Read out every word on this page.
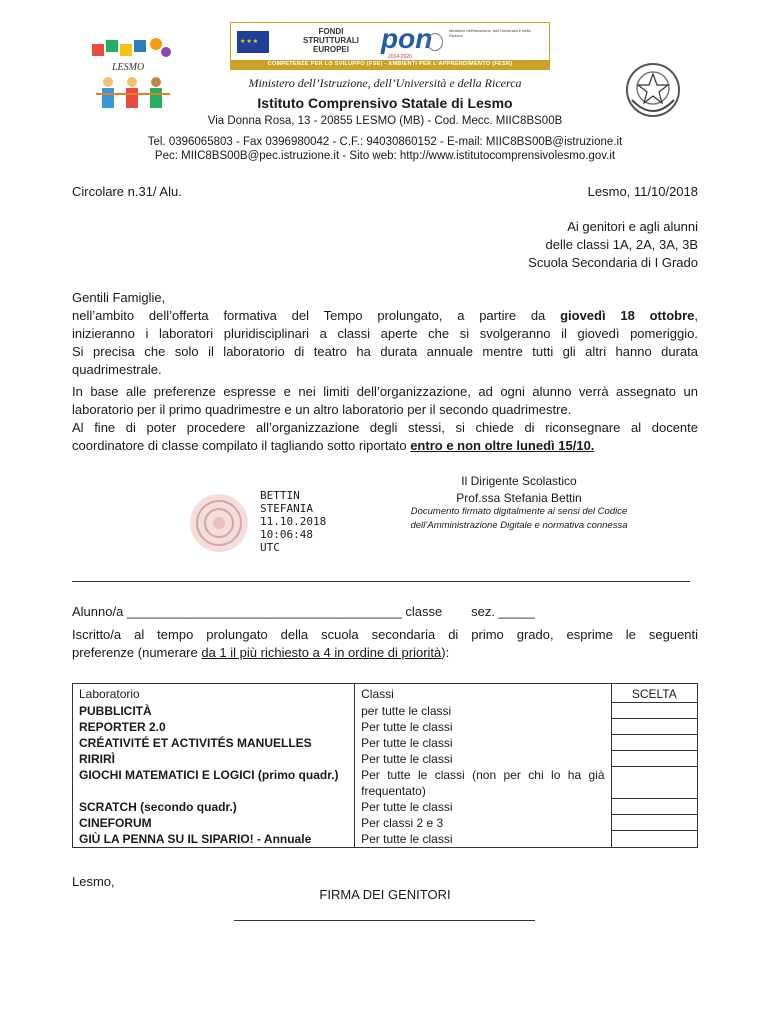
★★★
FONDI STRUTTURALI EUROPEI	pon
2014-2020
Ministero dell'Istruzione, dell'Università e della Ricerca
COMPETENZE PER LO SVILUPPO (FSE) - AMBIENTI PER L'APPRENDIMENTO (FESR)
LESMO
Ministero dell’Istruzione, dell’Università e della Ricerca
Istituto Comprensivo Statale di Lesmo
Via Donna Rosa, 13 - 20855 LESMO (MB) - Cod. Mecc. MIIC8BS00B
Tel. 0396065803 - Fax 0396980042 - C.F.: 94030860152 - E-mail: MIIC8BS00B@istruzione.it
Pec: MIIC8BS00B@pec.istruzione.it - Sito web: http://www.istitutocomprensivolesmo.gov.it
Circolare n.31/ Alu.	Lesmo, 11/10/2018
Ai genitori e agli alunni
delle classi 1A, 2A, 3A, 3B
Scuola Secondaria di I Grado
Gentili Famiglie,
nell’ambito dell’offerta formativa del Tempo prolungato, a partire da giovedì 18 ottobre,
inizieranno i laboratori pluridisciplinari a classi aperte che si svolgeranno il giovedì pomeriggio.
Si precisa che solo il laboratorio di teatro ha durata annuale mentre tutti gli altri hanno durata
quadrimestrale.
In base alle preferenze espresse e nei limiti dell’organizzazione, ad ogni alunno verrà assegnato un
laboratorio per il primo quadrimestre e un altro laboratorio per il secondo quadrimestre.
Al fine di poter procedere all’organizzazione degli stessi, si chiede di riconsegnare al docente
coordinatore di classe compilato il tagliando sotto riportato entro e non oltre lunedì 15/10.
Il Dirigente Scolastico
Prof.ssa Stefania Bettin
Documento firmato digitalmente ai sensi del Codice
dell’Amministrazione Digitale e normativa connessa
BETTIN
STEFANIA
11.10.2018
10:06:48
UTC
Alunno/a ______________________________________ classe sez. _____
Iscritto/a al tempo prolungato della scuola secondaria di primo grado, esprime le seguenti
preferenze (numerare da 1 il più richiesto a 4 in ordine di priorità):
Laboratorio	Classi	SCELTA
PUBBLICITÀ	per tutte le classi	
REPORTER 2.0	Per tutte le classi	
CRÉATIVITÉ ET ACTIVITÉS MANUELLES	Per tutte le classi	
RIRIRÌ	Per tutte le classi	
GIOCHI MATEMATICI E LOGICI (primo quadr.)	Per tutte le classi (non per chi lo ha già frequentato)	
SCRATCH (secondo quadr.)	Per tutte le classi	
CINEFORUM	Per classi 2 e 3	
GIÙ LA PENNA SU IL SIPARIO! - Annuale	Per tutte le classi	
Lesmo,
FIRMA DEI GENITORI
